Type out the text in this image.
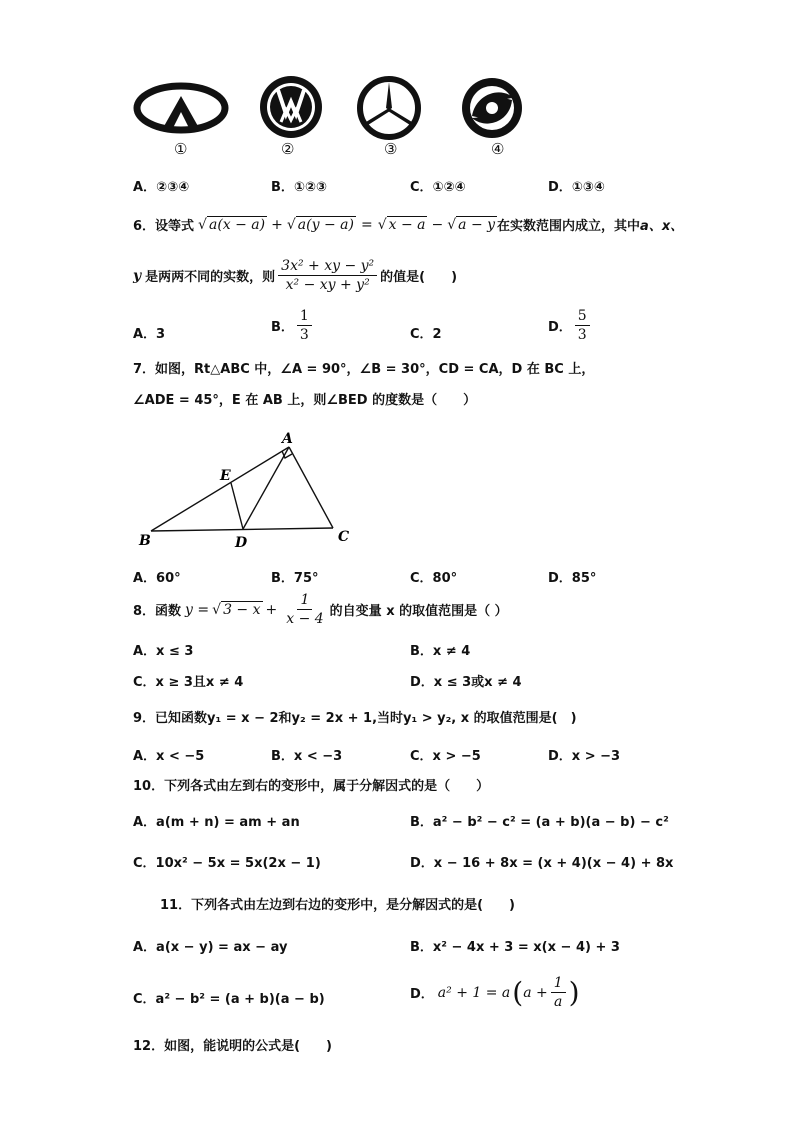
①	②	③	④
A．②③④	B．①②③	C．①②④	D．①③④
6．设等式 √ a(x − a) + √ a(y − a) = √ x − a − √ a − y 在实数范围内成立，其中 a、x、
y 是两两不同的实数，则 $\frac{\text{3x² + xy − y²}}{\text{x² − xy + y²}}$ 的值是(　　)
A．3	B． $\frac{1}{3}$	C．2	D． $\frac{5}{3}$
7．如图，Rt△ABC 中，∠A = 90°，∠B = 30°，CD = CA，D 在 BC 上，
∠ADE = 45°，E 在 AB 上，则∠BED 的度数是（　　）
A
B	C
D
E
A．60°	B．75°	C．80°	D．85°
8．函数 y = √ $3 - x + \frac{1}{x - 4}$ 的自变量 x 的取值范围是（ ）
A．x ≤ 3	B．x ≠ 4
C．x ≥ 3且x ≠ 4	D．x ≤ 3或x ≠ 4
9．已知函数y₁ = x − 2和y₂ = 2x + 1,当时y₁ > y₂, x 的取值范围是(　)
A．x < −5	B．x < −3	C．x > −5	D．x > −3
10．下列各式由左到右的变形中，属于分解因式的是（　　）
A．a(m + n) = am + an	B．a² − b² − c² = (a + b)(a − b) − c²
C．10x² − 5x = 5x(2x − 1)	D．x − 16 + 8x = (x + 4)(x − 4) + 8x
11．下列各式由左边到右边的变形中，是分解因式的是(　　)
A．a(x − y) = ax − ay	B．x² − 4x + 3 = x(x − 4) + 3
C．a² − b² = (a + b)(a − b)	D． a² + 1 = a ( $a + \frac{1}{a}$ )
12．如图，能说明的公式是(　　)
